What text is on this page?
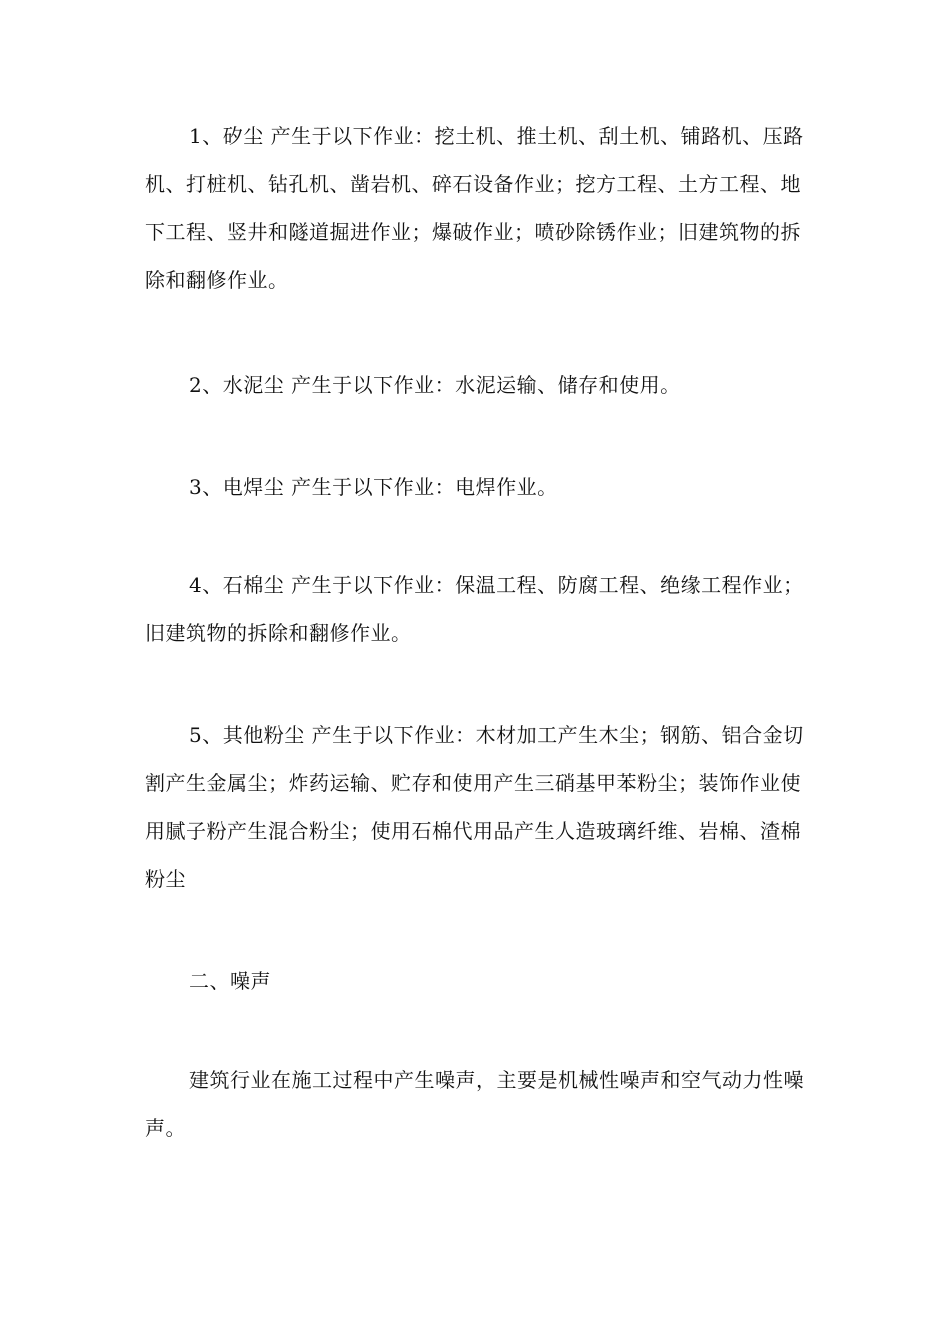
1、矽尘 产生于以下作业：挖土机、推土机、刮土机、铺路机、压路机、打桩机、钻孔机、凿岩机、碎石设备作业；挖方工程、土方工程、地下工程、竖井和隧道掘进作业；爆破作业；喷砂除锈作业；旧建筑物的拆除和翻修作业。

2、水泥尘 产生于以下作业：水泥运输、储存和使用。

3、电焊尘 产生于以下作业：电焊作业。

4、石棉尘 产生于以下作业：保温工程、防腐工程、绝缘工程作业；旧建筑物的拆除和翻修作业。

5、其他粉尘 产生于以下作业：木材加工产生木尘；钢筋、铝合金切割产生金属尘；炸药运输、贮存和使用产生三硝基甲苯粉尘；装饰作业使用腻子粉产生混合粉尘；使用石棉代用品产生人造玻璃纤维、岩棉、渣棉粉尘

二、噪声

建筑行业在施工过程中产生噪声，主要是机械性噪声和空气动力性噪声。
